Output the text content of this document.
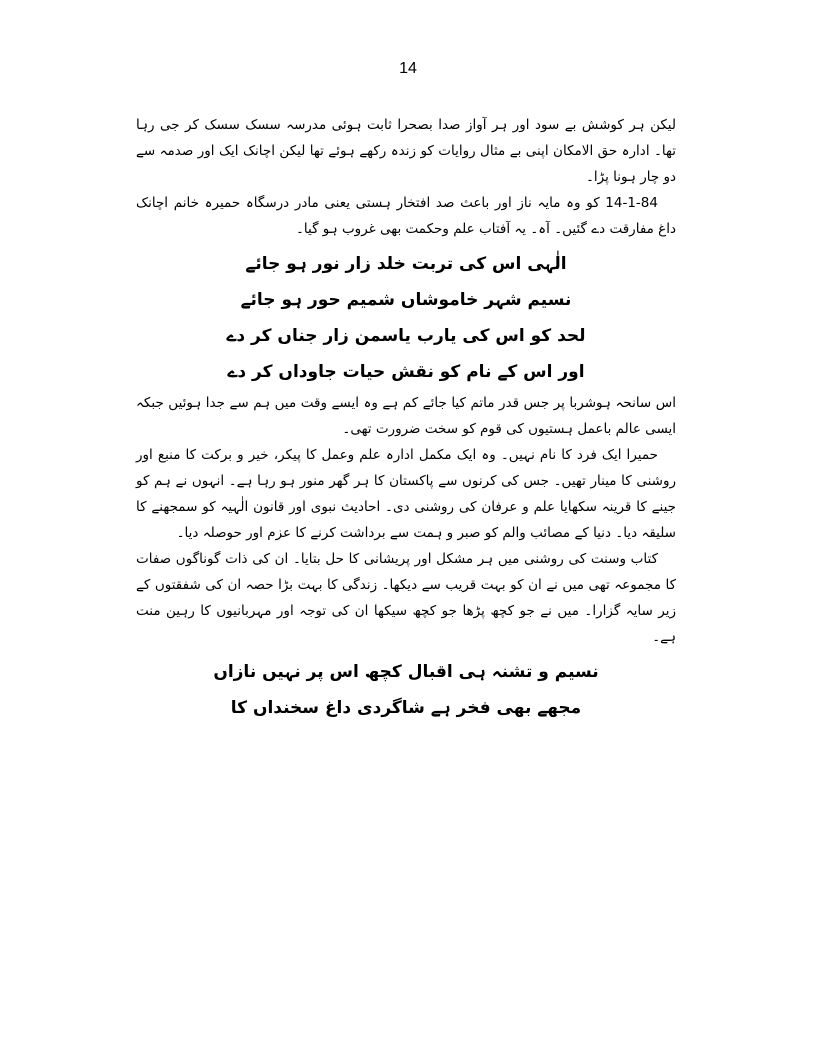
14

لیکن ہر کوشش بے سود اور ہر آواز صدا بصحرا ثابت ہوئی مدرسہ سسک سسک کر جی رہا تھا۔ ادارہ حق الامکان اپنی بے مثال روایات کو زندہ رکھے ہوئے تھا لیکن اچانک ایک اور صدمہ سے دو چار ہونا پڑا۔

14-1-84 کو وہ مایہ ناز اور باعث صد افتخار ہستی یعنی مادر درسگاہ حمیرہ خانم اچانک داغ مفارقت دے گئیں۔ آہ۔ یہ آفتاب علم وحکمت بھی غروب ہو گیا۔

الٰہی اس کی تربت خلد زار نور ہو جائے
نسیم شہر خاموشاں شمیم حور ہو جائے
لحد کو اس کی یارب یاسمن زار جناں کر دے
اور اس کے نام کو نقش حیات جاوداں کر دے

اس سانحہ ہوشربا پر جس قدر ماتم کیا جائے کم ہے وہ ایسے وقت میں ہم سے جدا ہوئیں جبکہ ایسی عالم باعمل ہستیوں کی قوم کو سخت ضرورت تھی۔

حمیرا ایک فرد کا نام نہیں۔ وہ ایک مکمل ادارہ علم وعمل کا پیکر، خیر و برکت کا منبع اور روشنی کا مینار تھیں۔ جس کی کرنوں سے پاکستان کا ہر گھر منور ہو رہا ہے۔ انہوں نے ہم کو جینے کا قرینہ سکھایا علم و عرفان کی روشنی دی۔ احادیث نبوی اور قانون الٰہیہ کو سمجھنے کا سلیقہ دیا۔ دنیا کے مصائب والم کو صبر و ہمت سے برداشت کرنے کا عزم اور حوصلہ دیا۔

کتاب وسنت کی روشنی میں ہر مشکل اور پریشانی کا حل بتایا۔ ان کی ذات گوناگوں صفات کا مجموعہ تھی میں نے ان کو بہت قریب سے دیکھا۔ زندگی کا بہت بڑا حصہ ان کی شفقتوں کے زیر سایہ گزارا۔ میں نے جو کچھ پڑھا جو کچھ سیکھا ان کی توجہ اور مہربانیوں کا رہین منت ہے۔

نسیم و تشنہ ہی اقبال کچھ اس پر نہیں نازاں
مجھے بھی فخر ہے شاگردی داغ سخنداں کا
